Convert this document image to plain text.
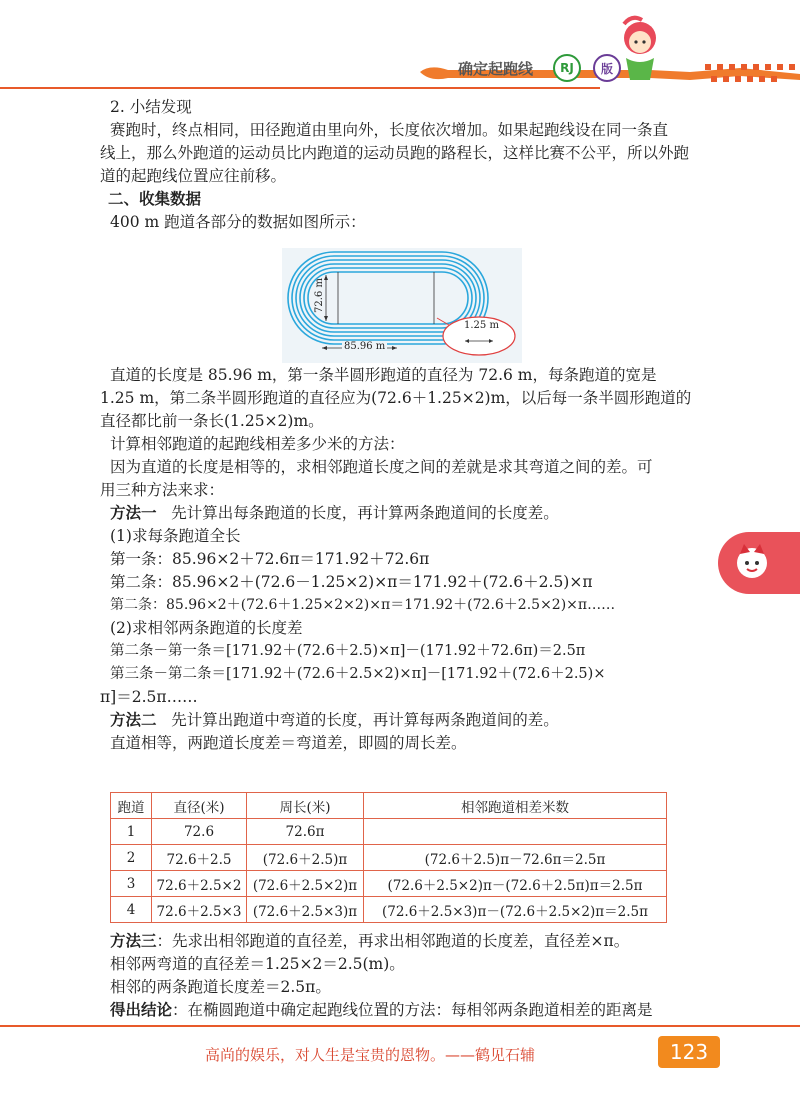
确定起跑线	RJ	版

2. 小结发现

赛跑时，终点相同，田径跑道由里向外，长度依次增加。如果起跑线设在同一条直

线上，那么外跑道的运动员比内跑道的运动员跑的路程长，这样比赛不公平，所以外跑

道的起跑线位置应往前移。

二、收集数据

400 m 跑道各部分的数据如图所示：

72.6 m
85.96 m
1.25 m

直道的长度是 85.96 m，第一条半圆形跑道的直径为 72.6 m，每条跑道的宽是

1.25 m，第二条半圆形跑道的直径应为(72.6＋1.25×2)m，以后每一条半圆形跑道的

直径都比前一条长(1.25×2)m。

计算相邻跑道的起跑线相差多少米的方法：

因为直道的长度是相等的，求相邻跑道长度之间的差就是求其弯道之间的差。可

用三种方法来求：

方法一 先计算出每条跑道的长度，再计算两条跑道间的长度差。

(1)求每条跑道全长

第一条：85.96×2＋72.6π＝171.92＋72.6π

第二条：85.96×2＋(72.6－1.25×2)×π＝171.92＋(72.6＋2.5)×π

第二条：85.96×2＋(72.6＋1.25×2×2)×π＝171.92＋(72.6＋2.5×2)×π……

(2)求相邻两条跑道的长度差

第二条－第一条＝[171.92＋(72.6＋2.5)×π]－(171.92＋72.6π)＝2.5π

第三条－第二条＝[171.92＋(72.6＋2.5×2)×π]－[171.92＋(72.6＋2.5)×

π]＝2.5π……

方法二 先计算出跑道中弯道的长度，再计算每两条跑道间的差。

直道相等，两跑道长度差＝弯道差，即圆的周长差。

跑道	直径(米)	周长(米)	相邻跑道相差米数
1	72.6	72.6π	
2	72.6＋2.5	(72.6＋2.5)π	(72.6＋2.5)π－72.6π＝2.5π
3	72.6＋2.5×2	(72.6＋2.5×2)π	(72.6＋2.5×2)π－(72.6＋2.5π)π＝2.5π
4	72.6＋2.5×3	(72.6＋2.5×3)π	(72.6＋2.5×3)π－(72.6＋2.5×2)π＝2.5π

方法三：先求出相邻跑道的直径差，再求出相邻跑道的长度差，直径差×π。

相邻两弯道的直径差＝1.25×2＝2.5(m)。

相邻的两条跑道长度差＝2.5π。

得出结论：在椭圆跑道中确定起跑线位置的方法：每相邻两条跑道相差的距离是

高尚的娱乐，对人生是宝贵的恩物。——鹤见石辅	123
